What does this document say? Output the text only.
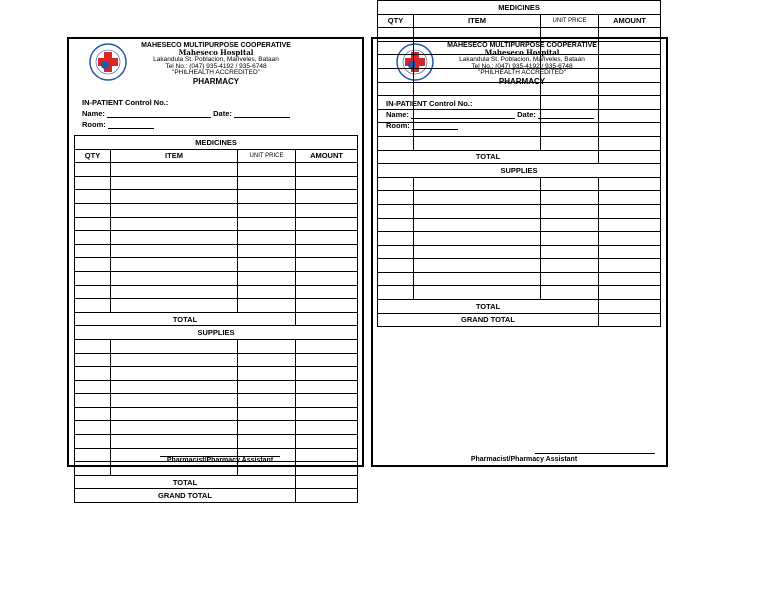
MAHESECO MULTIPURPOSE COOPERATIVE
Maheseco Hospital
Lakandula St. Poblacion, Mariveles, Bataan
Tel No.: (047) 935-4192 / 935-6748
"PHILHEALTH ACCREDITED"
PHARMACY
IN-PATIENT Control No.:
Name:	Date:
Room:
MEDICINES			
QTY	ITEM	UNIT PRICE	AMOUNT

TOTAL			
SUPPLIES			

TOTAL			
GRAND TOTAL			
Pharmacist/Pharmacy Assistant
MAHESECO MULTIPURPOSE COOPERATIVE
Maheseco Hospital
Lakandula St. Poblacion, Mariveles, Bataan
Tel No.: (047) 935-4192 / 935-6748
"PHILHEALTH ACCREDITED"
PHARMACY
IN-PATIENT Control No.:
Name:	Date:
Room:
MEDICINES			
QTY	ITEM	UNIT PRICE	AMOUNT

TOTAL			
SUPPLIES			

TOTAL			
GRAND TOTAL			
Pharmacist/Pharmacy Assistant
